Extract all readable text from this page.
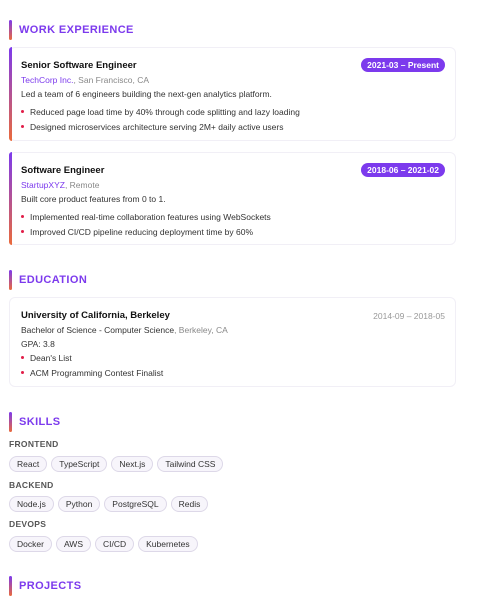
WORK EXPERIENCE
Senior Software Engineer	2021-03 – Present
TechCorp Inc., San Francisco, CA
Led a team of 6 engineers building the next-gen analytics platform.
Reduced page load time by 40% through code splitting and lazy loading
Designed microservices architecture serving 2M+ daily active users
Software Engineer	2018-06 – 2021-02
StartupXYZ, Remote
Built core product features from 0 to 1.
Implemented real-time collaboration features using WebSockets
Improved CI/CD pipeline reducing deployment time by 60%
EDUCATION
University of California, Berkeley	2014-09 – 2018-05
Bachelor of Science - Computer Science, Berkeley, CA
GPA: 3.8
Dean's List
ACM Programming Contest Finalist
SKILLS
FRONTEND
React	TypeScript	Next.js	Tailwind CSS
BACKEND
Node.js	Python	PostgreSQL	Redis
DEVOPS
Docker	AWS	CI/CD	Kubernetes
PROJECTS
